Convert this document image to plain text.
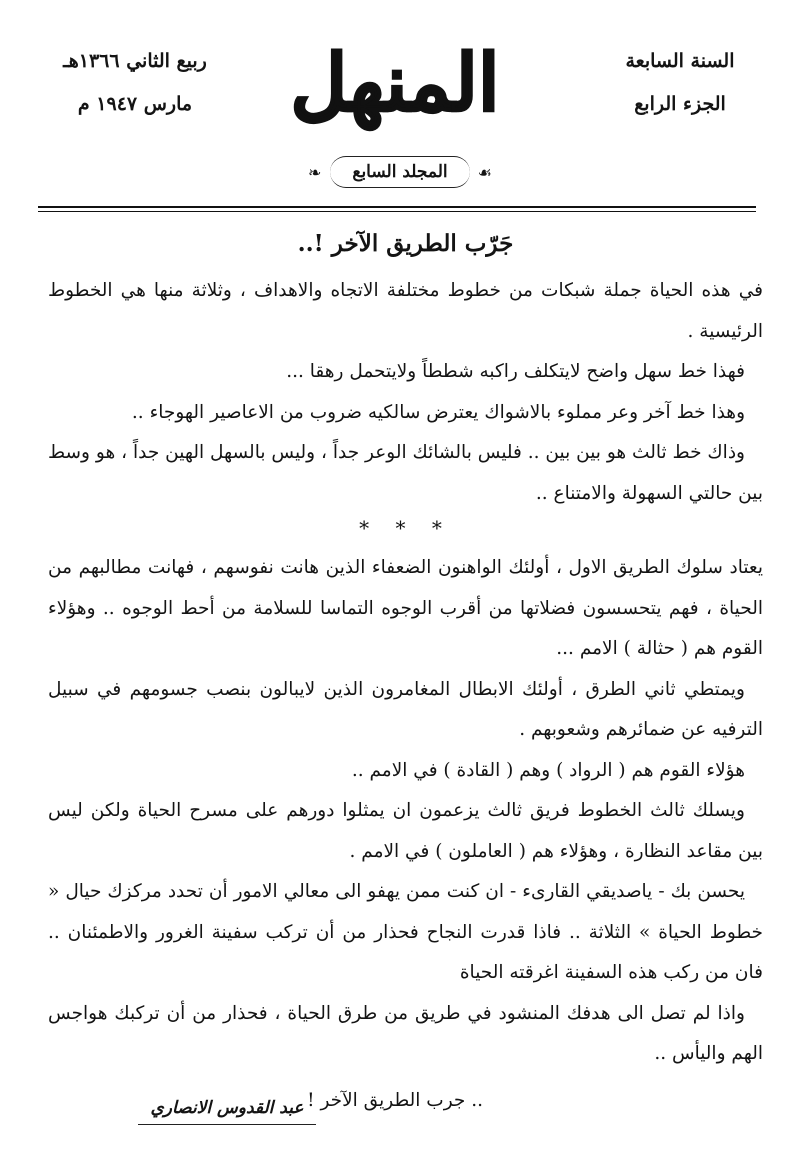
السنة السابعة
الجزء الرابع
المنهل
ربيع الثاني ١٣٦٦هـ
مارس ١٩٤٧ م
❧ المجلد السابع ☙
جَرّب الطريق الآخر !..

في هذه الحياة جملة شبكات من خطوط مختلفة الاتجاه والاهداف ، وثلاثة منها هي الخطوط الرئيسية .

فهذا خط سهل واضح لايتكلف راكبه شططاً ولايتحمل رهقا ...

وهذا خط آخر وعر مملوء بالاشواك يعترض سالكيه ضروب من الاعاصير الهوجاء ..

وذاك خط ثالث هو بين بين .. فليس بالشائك الوعر جداً ، وليس بالسهل الهين جداً ، هو وسط بين حالتي السهولة والامتناع ..

* * *

يعتاد سلوك الطريق الاول ، أولئك الواهنون الضعفاء الذين هانت نفوسهم ، فهانت مطالبهم من الحياة ، فهم يتحسسون فضلاتها من أقرب الوجوه التماسا للسلامة من أحط الوجوه .. وهؤلاء القوم هم ( حثالة ) الامم ...

ويمتطي ثاني الطرق ، أولئك الابطال المغامرون الذين لايبالون بنصب جسومهم في سبيل الترفيه عن ضمائرهم وشعوبهم .

هؤلاء القوم هم ( الرواد ) وهم ( القادة ) في الامم ..

ويسلك ثالث الخطوط فريق ثالث يزعمون ان يمثلوا دورهم على مسرح الحياة ولكن ليس بين مقاعد النظارة ، وهؤلاء هم ( العاملون ) في الامم .

يحسن بك - ياصديقي القارىء - ان كنت ممن يهفو الى معالي الامور أن تحدد مركزك حيال « خطوط الحياة » الثلاثة .. فاذا قدرت النجاح فحذار من أن تركب سفينة الغرور والاطمئنان .. فان من ركب هذه السفينة اغرقته الحياة

واذا لم تصل الى هدفك المنشود في طريق من طرق الحياة ، فحذار من أن تركبك هواجس الهم واليأس ..

.. جرب الطريق الآخر !
عبد القدوس الانصاري
